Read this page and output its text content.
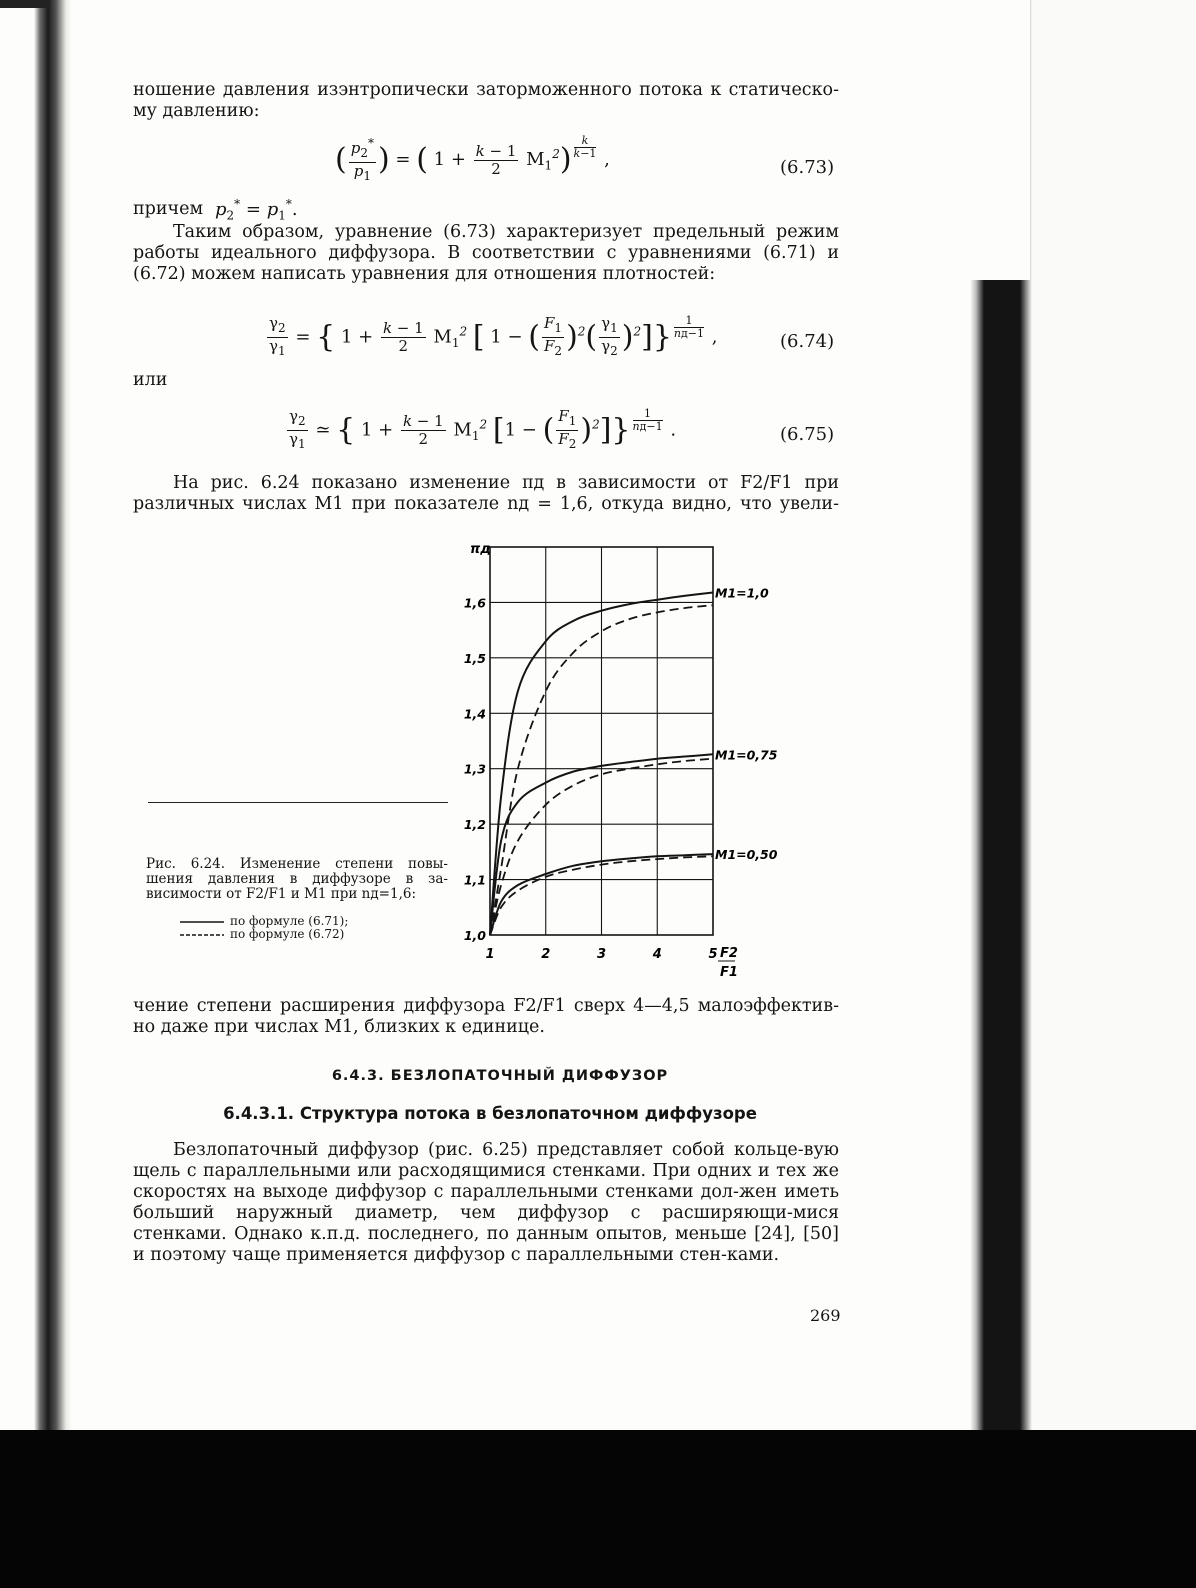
ношение давления изэнтропически заторможенного потока к статическо-му давлению:

( $\frac{p_2^*}{p_1}$ ) = ( $1 + \frac{k - 1}{2} M_1^2) \frac{k}{k-1}$ ,	(6.73)
причем $p_2^* = p_1^*$.

Таким образом, уравнение (6.73) характеризует предельный режим работы идеального диффузора. В соответствии с уравнениями (6.71) и (6.72) можем написать уравнения для отношения плотностей:

$\frac{\gamma_2}{\gamma_1}$ = { $1 + \frac{k - 1}{2} M_1^2$ [ 1 − ( $\frac{F_1}{F_2} )^2( \frac{\gamma_1}{\gamma_2} )^2]\} \frac{1}{nд-1}$ ,	(6.74)
или
$\frac{\gamma_2}{\gamma_1}$ ≃ { $1 + \frac{k - 1}{2} M_1^2$ [1 − ( $\frac{F_1}{F_2} )^2]\} \frac{1}{nд-1}$ .	(6.75)

На рис. 6.24 показано изменение πд в зависимости от F2/F1 при различных числах M1 при показателе nд = 1,6, откуда видно, что увели-

1	2	3	4	5
1,0
1,1
1,2
1,3
1,4
1,5
1,6
πд
F2
F1
M1=1,0
M1=0,75
M1=0,50

Рис. 6.24. Изменение степени повы-шения давления в диффузоре в за-висимости от F2/F1 и M1 при nд=1,6:

по формуле (6.71);
по формуле (6.72)

чение степени расширения диффузора F2/F1 сверх 4—4,5 малоэффектив-но даже при числах M1, близких к единице.

6.4.3. БЕЗЛОПАТОЧНЫЙ ДИФФУЗОР
6.4.3.1. Структура потока в безлопаточном диффузоре

Безлопаточный диффузор (рис. 6.25) представляет собой кольце-вую щель с параллельными или расходящимися стенками. При одних и тех же скоростях на выходе диффузор с параллельными стенками дол-жен иметь больший наружный диаметр, чем диффузор с расширяющи-мися стенками. Однако к.п.д. последнего, по данным опытов, меньше [24], [50] и поэтому чаще применяется диффузор с параллельными стен-ками.

269
